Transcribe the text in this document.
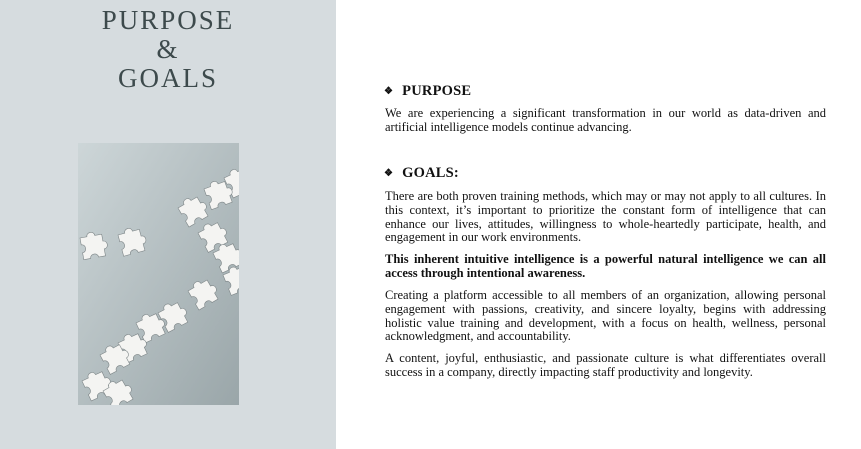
PURPOSE
&
GOALS	❖ PURPOSE

We are experiencing a significant transformation in our world as data-driven and artificial intelligence models continue advancing.

❖ GOALS:

There are both proven training methods, which may or may not apply to all cultures. In this context, it’s important to prioritize the constant form of intelligence that can enhance our lives, attitudes, willingness to whole-heartedly participate, health, and engagement in our work environments.

This inherent intuitive intelligence is a powerful natural intelligence we can all access through intentional awareness.

Creating a platform accessible to all members of an organization, allowing personal engagement with passions, creativity, and sincere loyalty, begins with addressing holistic value training and development, with a focus on health, wellness, personal acknowledgment, and accountability.

A content, joyful, enthusiastic, and passionate culture is what differentiates overall success in a company, directly impacting staff productivity and longevity.
